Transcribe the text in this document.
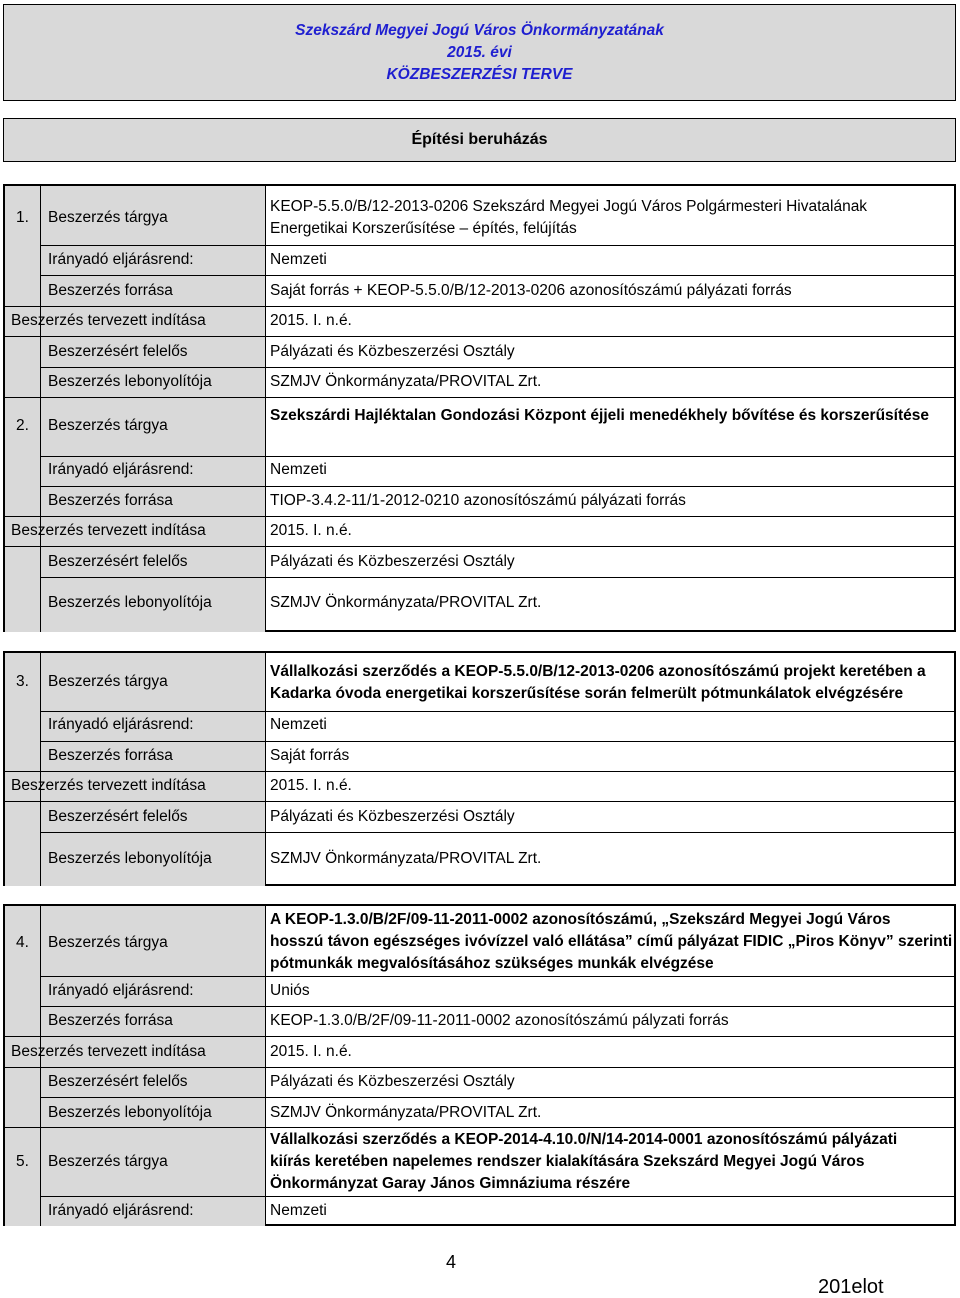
Szekszárd Megyei Jogú Város Önkormányzatának
2015. évi
KÖZBESZERZÉSI TERVE
Építési beruházás
1. Beszerzés tárgya
KEOP-5.5.0/B/12-2013-0206 Szekszárd Megyei Jogú Város Polgármesteri Hivatalának
Energetikai Korszerűsítése – építés, felújítás
Irányadó eljárásrend:	Nemzeti
Beszerzés forrása	Saját forrás + KEOP-5.5.0/B/12-2013-0206 azonosítószámú pályázati forrás
Beszerzés tervezett indítása	2015. I. n.é.
Beszerzésért felelős	Pályázati és Közbeszerzési Osztály
Beszerzés lebonyolítója	SZMJV Önkormányzata/PROVITAL Zrt.
2. Beszerzés tárgya
Szekszárdi Hajléktalan Gondozási Központ éjjeli menedékhely bővítése és korszerűsítése
Irányadó eljárásrend:	Nemzeti
Beszerzés forrása	TIOP-3.4.2-11/1-2012-0210 azonosítószámú pályázati forrás
Beszerzés tervezett indítása	2015. I. n.é.
Beszerzésért felelős	Pályázati és Közbeszerzési Osztály
Beszerzés lebonyolítója	SZMJV Önkormányzata/PROVITAL Zrt.
3. Beszerzés tárgya
Vállalkozási szerződés a KEOP-5.5.0/B/12-2013-0206 azonosítószámú projekt keretében a
Kadarka óvoda energetikai korszerűsítése során felmerült pótmunkálatok elvégzésére
Irányadó eljárásrend:	Nemzeti
Beszerzés forrása	Saját forrás
Beszerzés tervezett indítása	2015. I. n.é.
Beszerzésért felelős	Pályázati és Közbeszerzési Osztály
Beszerzés lebonyolítója	SZMJV Önkormányzata/PROVITAL Zrt.
4. Beszerzés tárgya
A KEOP-1.3.0/B/2F/09-11-2011-0002 azonosítószámú, „Szekszárd Megyei Jogú Város
hosszú távon egészséges ivóvízzel való ellátása” című pályázat FIDIC „Piros Könyv” szerinti
pótmunkák megvalósításához szükséges munkák elvégzése
Irányadó eljárásrend:	Uniós
Beszerzés forrása	KEOP-1.3.0/B/2F/09-11-2011-0002 azonosítószámú pályzati forrás
Beszerzés tervezett indítása	2015. I. n.é.
Beszerzésért felelős	Pályázati és Közbeszerzési Osztály
Beszerzés lebonyolítója	SZMJV Önkormányzata/PROVITAL Zrt.
5. Beszerzés tárgya
Vállalkozási szerződés a KEOP-2014-4.10.0/N/14-2014-0001 azonosítószámú pályázati
kiírás keretében napelemes rendszer kialakítására Szekszárd Megyei Jogú Város
Önkormányzat Garay János Gimnáziuma részére
Irányadó eljárásrend:	Nemzeti
4
201elot
